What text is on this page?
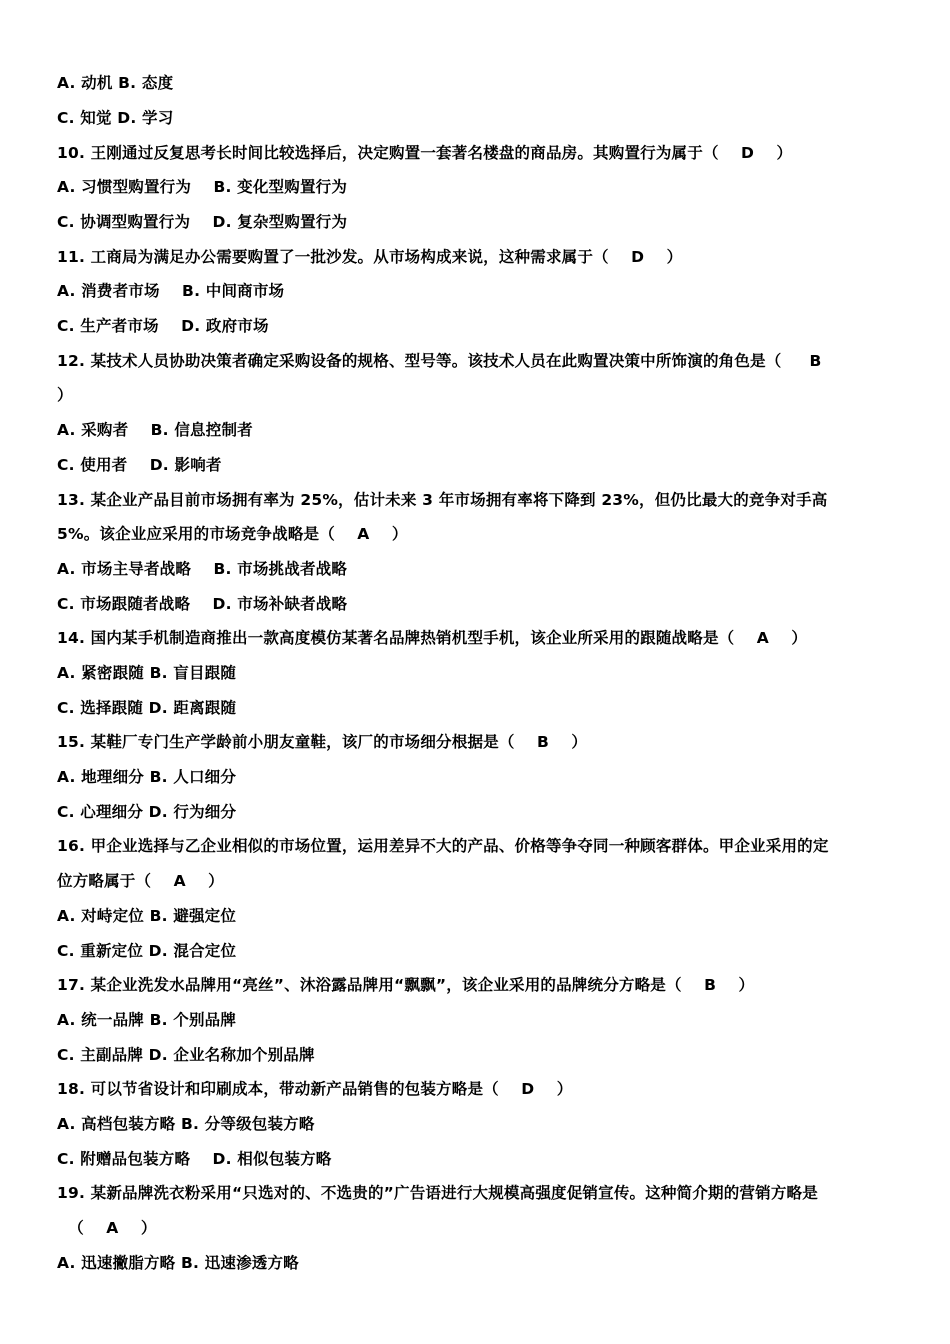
A. 动机 B. 态度
C. 知觉 D. 学习
10. 王刚通过反复思考长时间比较选择后，决定购置一套著名楼盘的商品房。其购置行为属于（    D    ）
A. 习惯型购置行为    B. 变化型购置行为
C. 协调型购置行为    D. 复杂型购置行为
11. 工商局为满足办公需要购置了一批沙发。从市场构成来说，这种需求属于（    D    ）
A. 消费者市场    B. 中间商市场
C. 生产者市场    D. 政府市场
12. 某技术人员协助决策者确定采购设备的规格、型号等。该技术人员在此购置决策中所饰演的角色是（     B
）
A. 采购者    B. 信息控制者
C. 使用者    D. 影响者
13. 某企业产品目前市场拥有率为 25%，估计未来 3 年市场拥有率将下降到 23%，但仍比最大的竞争对手高
5%。该企业应采用的市场竞争战略是（    A    ）
A. 市场主导者战略    B. 市场挑战者战略
C. 市场跟随者战略    D. 市场补缺者战略
14. 国内某手机制造商推出一款高度模仿某著名品牌热销机型手机，该企业所采用的跟随战略是（    A    ）
A. 紧密跟随 B. 盲目跟随
C. 选择跟随 D. 距离跟随
15. 某鞋厂专门生产学龄前小朋友童鞋，该厂的市场细分根据是（    B    ）
A. 地理细分 B. 人口细分
C. 心理细分 D. 行为细分
16. 甲企业选择与乙企业相似的市场位置，运用差异不大的产品、价格等争夺同一种顾客群体。甲企业采用的定
位方略属于（    A    ）
A. 对峙定位 B. 避强定位
C. 重新定位 D. 混合定位
17. 某企业洗发水品牌用“亮丝”、沐浴露品牌用“飘飘”，该企业采用的品牌统分方略是（    B    ）
A. 统一品牌 B. 个别品牌
C. 主副品牌 D. 企业名称加个别品牌
18. 可以节省设计和印刷成本，带动新产品销售的包装方略是（    D    ）
A. 高档包装方略 B. 分等级包装方略
C. 附赠品包装方略    D. 相似包装方略
19. 某新品牌洗衣粉采用“只选对的、不选贵的”广告语进行大规模高强度促销宣传。这种简介期的营销方略是
（    A    ）
A. 迅速撇脂方略 B. 迅速渗透方略
